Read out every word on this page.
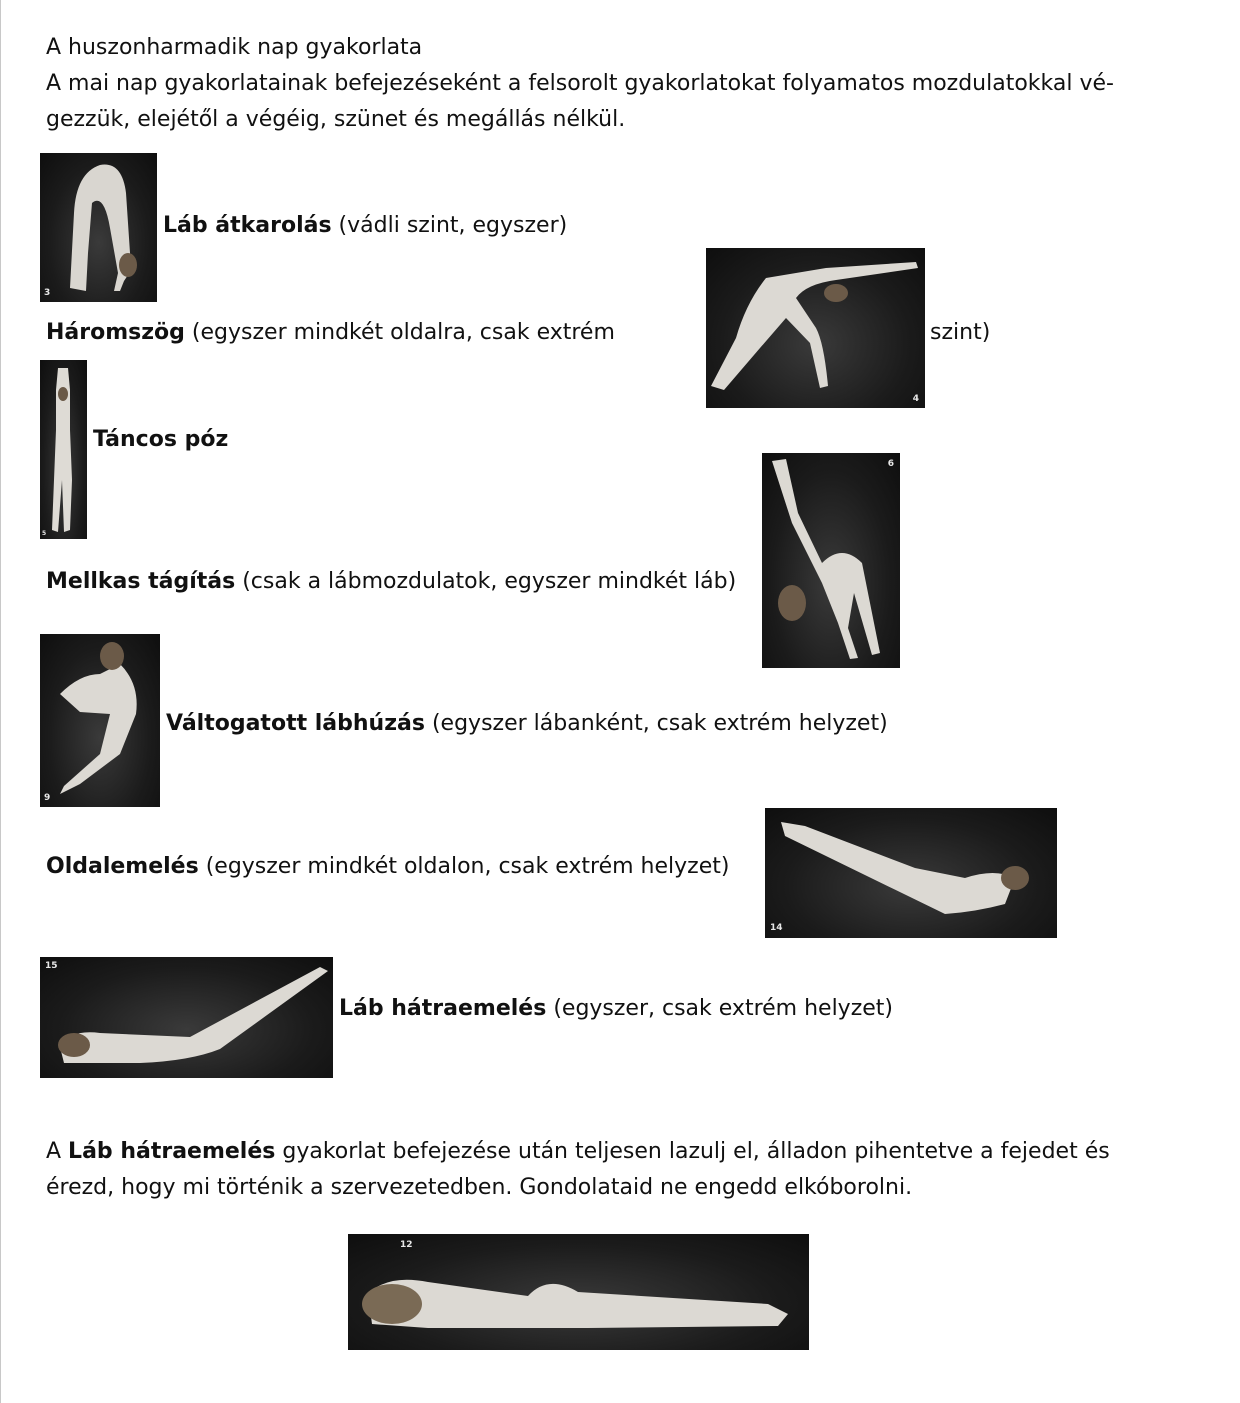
A huszonharmadik nap gyakorlata
A mai nap gyakorlatainak befejezéseként a felsorolt gyakorlatokat folyamatos mozdulatokkal vé-
gezzük, elejétől a végéig, szünet és megállás nélkül.
3
Láb átkarolás (vádli szint, egyszer)
Háromszög (egyszer mindkét oldalra, csak extrém
4
szint)
5
Táncos póz
Mellkas tágítás (csak a lábmozdulatok, egyszer mindkét láb)
6
9
Váltogatott lábhúzás (egyszer lábanként, csak extrém helyzet)
Oldalemelés (egyszer mindkét oldalon, csak extrém helyzet)
14
15
Láb hátraemelés (egyszer, csak extrém helyzet)
A Láb hátraemelés gyakorlat befejezése után teljesen lazulj el, álladon pihentetve a fejedet és
érezd, hogy mi történik a szervezetedben. Gondolataid ne engedd elkóborolni.
12
